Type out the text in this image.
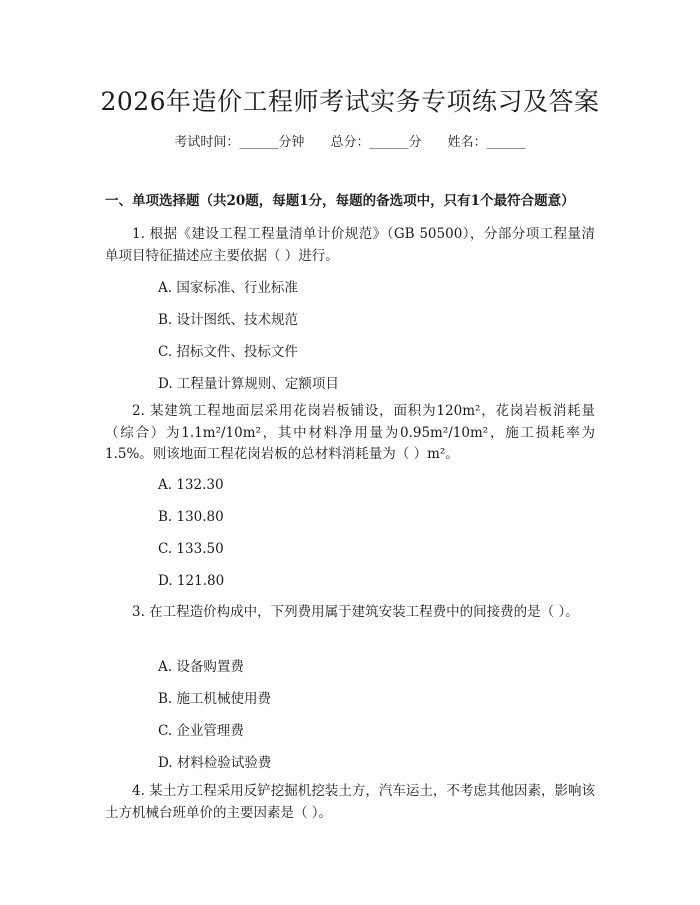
2026年造价工程师考试实务专项练习及答案
考试时间：______分钟 总分：______分 姓名：______
一、单项选择题（共20题，每题1分，每题的备选项中，只有1个最符合题意）
1. 根据《建设工程工程量清单计价规范》（GB 50500），分部分项工程量清单项目特征描述应主要依据（ ）进行。
A. 国家标准、行业标准
B. 设计图纸、技术规范
C. 招标文件、投标文件
D. 工程量计算规则、定额项目
2. 某建筑工程地面层采用花岗岩板铺设，面积为120m²，花岗岩板消耗量（综合）为1.1m²/10m²，其中材料净用量为0.95m²/10m²，施工损耗率为1.5%。则该地面工程花岗岩板的总材料消耗量为（ ）m²。
A. 132.30
B. 130.80
C. 133.50
D. 121.80
3. 在工程造价构成中，下列费用属于建筑安装工程费中的间接费的是（ ）。
A. 设备购置费
B. 施工机械使用费
C. 企业管理费
D. 材料检验试验费
4. 某土方工程采用反铲挖掘机挖装土方，汽车运土，不考虑其他因素，影响该土方机械台班单价的主要因素是（ ）。
